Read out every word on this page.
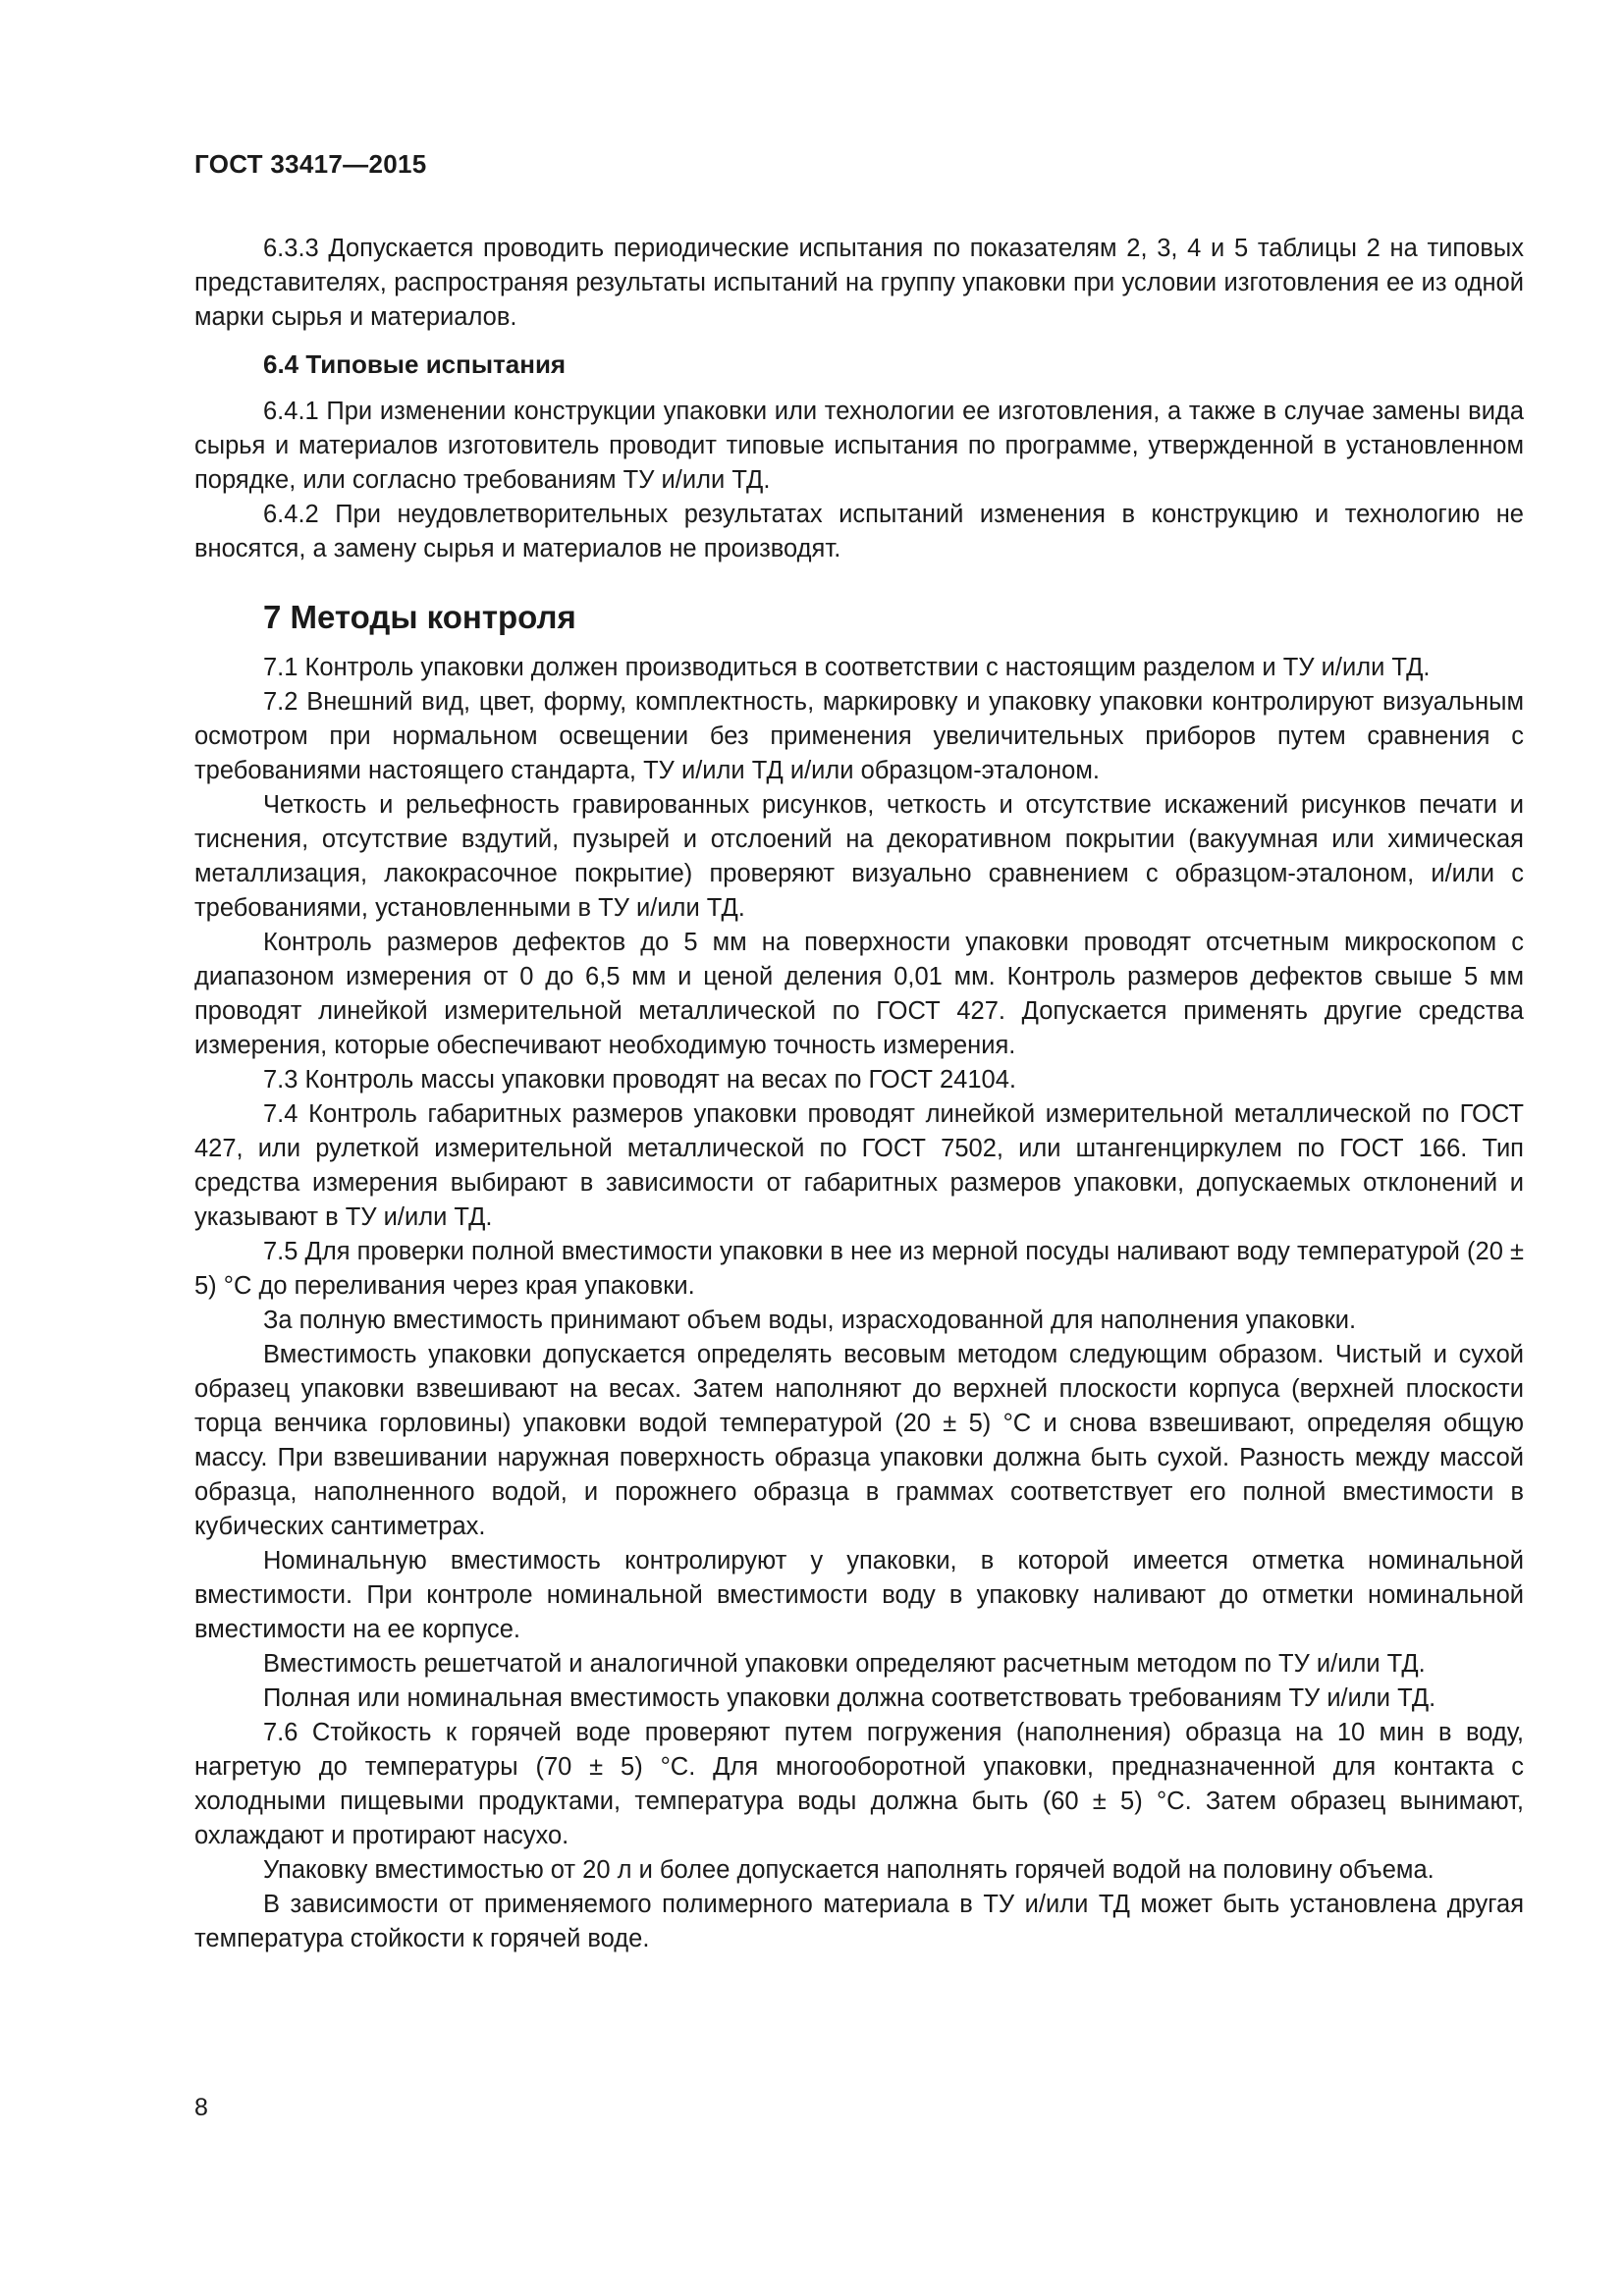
ГОСТ 33417—2015

6.3.3 Допускается проводить периодические испытания по показателям 2, 3, 4 и 5 таблицы 2 на типовых представителях, распространяя результаты испытаний на группу упаковки при условии изготовления ее из одной марки сырья и материалов.

6.4 Типовые испытания

6.4.1 При изменении конструкции упаковки или технологии ее изготовления, а также в случае замены вида сырья и материалов изготовитель проводит типовые испытания по программе, утвержденной в установленном порядке, или согласно требованиям ТУ и/или ТД.

6.4.2 При неудовлетворительных результатах испытаний изменения в конструкцию и технологию не вносятся, а замену сырья и материалов не производят.

7 Методы контроля

7.1 Контроль упаковки должен производиться в соответствии с настоящим разделом и ТУ и/или ТД.

7.2 Внешний вид, цвет, форму, комплектность, маркировку и упаковку упаковки контролируют визуальным осмотром при нормальном освещении без применения увеличительных приборов путем сравнения с требованиями настоящего стандарта, ТУ и/или ТД и/или образцом-эталоном.

Четкость и рельефность гравированных рисунков, четкость и отсутствие искажений рисунков печати и тиснения, отсутствие вздутий, пузырей и отслоений на декоративном покрытии (вакуумная или химическая металлизация, лакокрасочное покрытие) проверяют визуально сравнением с образцом-эталоном, и/или с требованиями, установленными в ТУ и/или ТД.

Контроль размеров дефектов до 5 мм на поверхности упаковки проводят отсчетным микроскопом с диапазоном измерения от 0 до 6,5 мм и ценой деления 0,01 мм. Контроль размеров дефектов свыше 5 мм проводят линейкой измерительной металлической по ГОСТ 427. Допускается применять другие средства измерения, которые обеспечивают необходимую точность измерения.

7.3 Контроль массы упаковки проводят на весах по ГОСТ 24104.

7.4 Контроль габаритных размеров упаковки проводят линейкой измерительной металлической по ГОСТ 427, или рулеткой измерительной металлической по ГОСТ 7502, или штангенциркулем по ГОСТ 166. Тип средства измерения выбирают в зависимости от габаритных размеров упаковки, допускаемых отклонений и указывают в ТУ и/или ТД.

7.5 Для проверки полной вместимости упаковки в нее из мерной посуды наливают воду температурой (20 ± 5) °С до переливания через края упаковки.

За полную вместимость принимают объем воды, израсходованной для наполнения упаковки.

Вместимость упаковки допускается определять весовым методом следующим образом. Чистый и сухой образец упаковки взвешивают на весах. Затем наполняют до верхней плоскости корпуса (верхней плоскости торца венчика горловины) упаковки водой температурой (20 ± 5) °С и снова взвешивают, определяя общую массу. При взвешивании наружная поверхность образца упаковки должна быть сухой. Разность между массой образца, наполненного водой, и порожнего образца в граммах соответствует его полной вместимости в кубических сантиметрах.

Номинальную вместимость контролируют у упаковки, в которой имеется отметка номинальной вместимости. При контроле номинальной вместимости воду в упаковку наливают до отметки номинальной вместимости на ее корпусе.

Вместимость решетчатой и аналогичной упаковки определяют расчетным методом по ТУ и/или ТД.

Полная или номинальная вместимость упаковки должна соответствовать требованиям ТУ и/или ТД.

7.6 Стойкость к горячей воде проверяют путем погружения (наполнения) образца на 10 мин в воду, нагретую до температуры (70 ± 5) °С. Для многооборотной упаковки, предназначенной для контакта с холодными пищевыми продуктами, температура воды должна быть (60 ± 5) °С. Затем образец вынимают, охлаждают и протирают насухо.

Упаковку вместимостью от 20 л и более допускается наполнять горячей водой на половину объема.

В зависимости от применяемого полимерного материала в ТУ и/или ТД может быть установлена другая температура стойкости к горячей воде.

8
